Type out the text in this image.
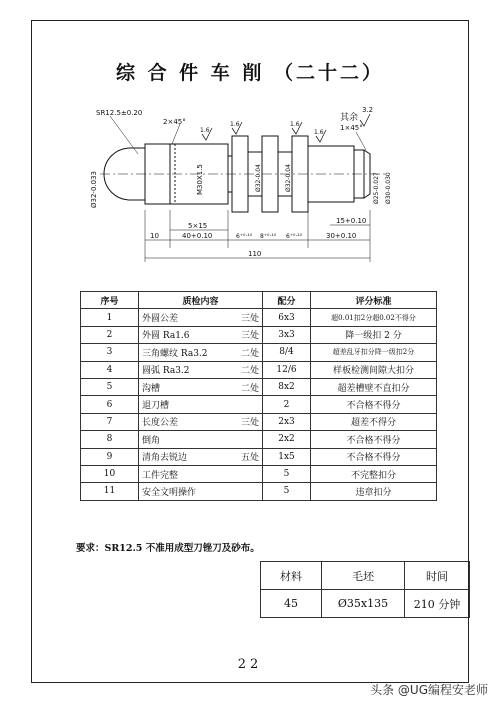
综 合 件 车 削 （二十二）
SR12.5±0.20
2×45°
1×45°
其余
3.2
1.6
1.6	1.6
1.6
Ø32-0.033	M30X1.5	Ø32-0.04	Ø32-0.04	Ø25-0.027 Ø30-0.030
5×15
10	40+0.10	6⁺⁰·¹⁰ 8⁺⁰·¹⁰ 6⁺⁰·¹⁰
15+0.10
30+0.10
110
序号	质检内容	配分	评分标准
1	外圆公差 三处	6x3	超0.01扣2分超0.02不得分
2	外圆 Ra1.6 三处	3x3	降一级扣 2 分
3	三角螺纹 Ra3.2 二处	8/4	超差乱牙扣分降一级扣2分
4	圆弧 Ra3.2 二处	12/6	样板检测间隙大扣分
5	沟槽 二处	8x2	超差槽壁不直扣分
6	退刀槽	2	不合格不得分
7	长度公差 三处	2x3	超差不得分
8	倒角	2x2	不合格不得分
9	清角去锐边 五处	1x5	不合格不得分
10	工件完整	5	不完整扣分
11	安全文明操作	5	违章扣分
要求：SR12.5 不准用成型刀锉刀及砂布。
材料	毛坯	时间
45	Ø35x135	210 分钟
22
头条 @UG编程安老师
